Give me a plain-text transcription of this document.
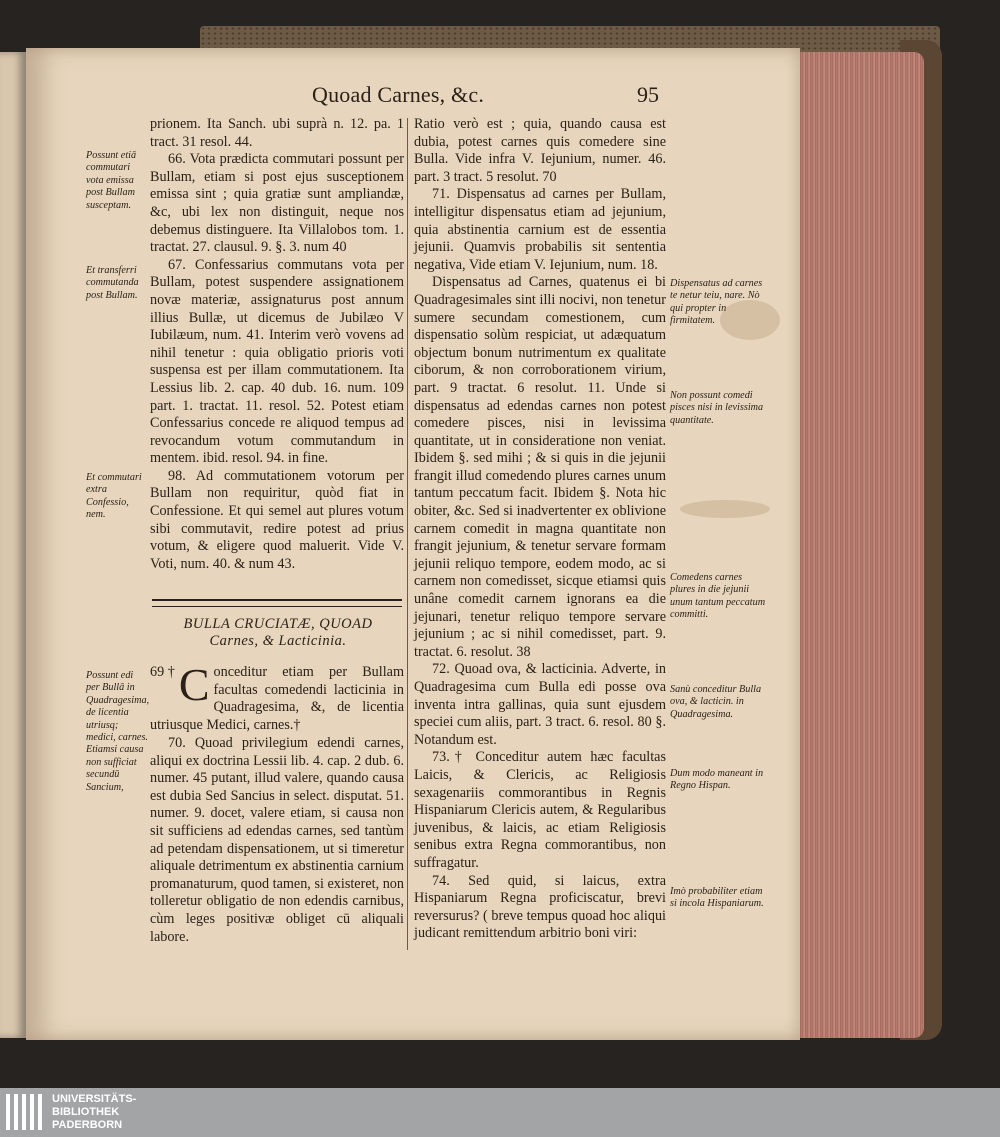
Quoad Carnes, &c.	95

prionem. Ita Sanch. ubi suprà n. 12. pa. 1 tract. 31 resol. 44.

66. Vota prædicta commutari possunt per Bullam, etiam si post ejus susceptionem emissa sint ; quia gratiæ sunt ampliandæ, &c, ubi lex non distinguit, neque nos debemus distinguere. Ita Villalobos tom. 1. tractat. 27. clausul. 9. §. 3. num 40

67. Confessarius commutans vota per Bullam, potest suspendere assignationem novæ materiæ, assignaturus post annum illius Bullæ, ut dicemus de Jubilæo V Iubilæum, num. 41. Interim verò vovens ad nihil tenetur : quia obligatio prioris voti suspensa est per illam commutationem. Ita Lessius lib. 2. cap. 40 dub. 16. num. 109 part. 1. tractat. 11. resol. 52. Potest etiam Confessarius concede re aliquod tempus ad revocandum votum commutandum in mentem. ibid. resol. 94. in fine.

98. Ad commutationem votorum per Bullam non requiritur, quòd fiat in Confessione. Et qui semel aut plures votum sibi commutavit, redire potest ad prius votum, & eligere quod maluerit. Vide V. Voti, num. 40. & num 43.

BULLA CRUCIATÆ, QUOAD
Carnes, & Lacticinia.
69 † C onceditur etiam per Bullam facultas comedendi lacticinia in Quadragesima, &, de licentia utriusque Medici, carnes.†

70. Quoad privilegium edendi carnes, aliqui ex doctrina Lessii lib. 4. cap. 2 dub. 6. numer. 45 putant, illud valere, quando causa est dubia Sed Sancius in select. disputat. 51. numer. 9. docet, valere etiam, si causa non sit sufficiens ad edendas carnes, sed tantùm ad petendam dispensationem, ut si timeretur aliquale detrimentum ex abstinentia carnium promanaturum, quod tamen, si existeret, non tolleretur obligatio de non edendis carnibus, cùm leges positivæ obliget cū aliquali labore.

Ratio verò est ; quia, quando causa est dubia, potest carnes quis comedere sine Bulla. Vide infra V. Iejunium, numer. 46. part. 3 tract. 5 resolut. 70

71. Dispensatus ad carnes per Bullam, intelligitur dispensatus etiam ad jejunium, quia abstinentia carnium est de essentia jejunii. Quamvis probabilis sit sententia negativa, Vide etiam V. Iejunium, num. 18.

Dispensatus ad Carnes, quatenus ei bi Quadragesimales sint illi nocivi, non tenetur sumere secundam comestionem, cum dispensatio solùm respiciat, ut adæquatum objectum bonum nutrimentum ex qualitate ciborum, & non corroborationem virium, part. 9 tractat. 6 resolut. 11. Unde si dispensatus ad edendas carnes non potest comedere pisces, nisi in levissima quantitate, ut in consideratione non veniat. Ibidem §. sed mihi ; & si quis in die jejunii frangit illud comedendo plures carnes unum tantum peccatum facit. Ibidem §. Nota hic obiter, &c. Sed si inadvertenter ex oblivione carnem comedit in magna quantitate non frangit jejunium, & tenetur servare formam jejunii reliquo tempore, eodem modo, ac si carnem non comedisset, sicque etiamsi quis unâne comedit carnem ignorans ea die jejunari, tenetur reliquo tempore servare jejunium ; ac si nihil comedisset, part. 9. tractat. 6. resolut. 38

72. Quoad ova, & lacticinia. Adverte, in Quadragesima cum Bulla edi posse ova inventa intra gallinas, quia sunt ejusdem speciei cum aliis, part. 3 tract. 6. resol. 80 §. Notandum est.

73.† Conceditur autem hæc facultas Laicis, & Clericis, ac Religiosis sexagenariis commorantibus in Regnis Hispaniarum Clericis autem, & Regularibus juvenibus, & laicis, ac etiam Religiosis senibus extra Regna commorantibus, non suffragatur.

74. Sed quid, si laicus, extra Hispaniarum Regna proficiscatur, brevi reversurus? ( breve tempus quoad hoc aliqui judicant remittendum arbitrio boni viri:

Possunt etiā commutari vota emissa post Bullam susceptam.
Et transferri commutanda post Bullam.
Et commutari extra Confessio, nem.
Possunt edi per Bullā in Quadragesima, de licentia utriusq; medici, carnes. Etiamsi causa non sufficiat secundū Sancium,
Dispensatus ad carnes te netur teiu, nare. Nò qui propter in firmitatem.
Non possunt comedi pisces nisi in levissima quantitate.
Comedens carnes plures in die jejunii unum tantum peccatum committi.
Sanù conceditur Bulla ova, & lacticin. in Quadragesima.
Dum modo maneant in Regno Hispan.
Imò probabiliter etiam si incola Hispaniarum.
UNIVERSITÄTS-
BIBLIOTHEK
PADERBORN
